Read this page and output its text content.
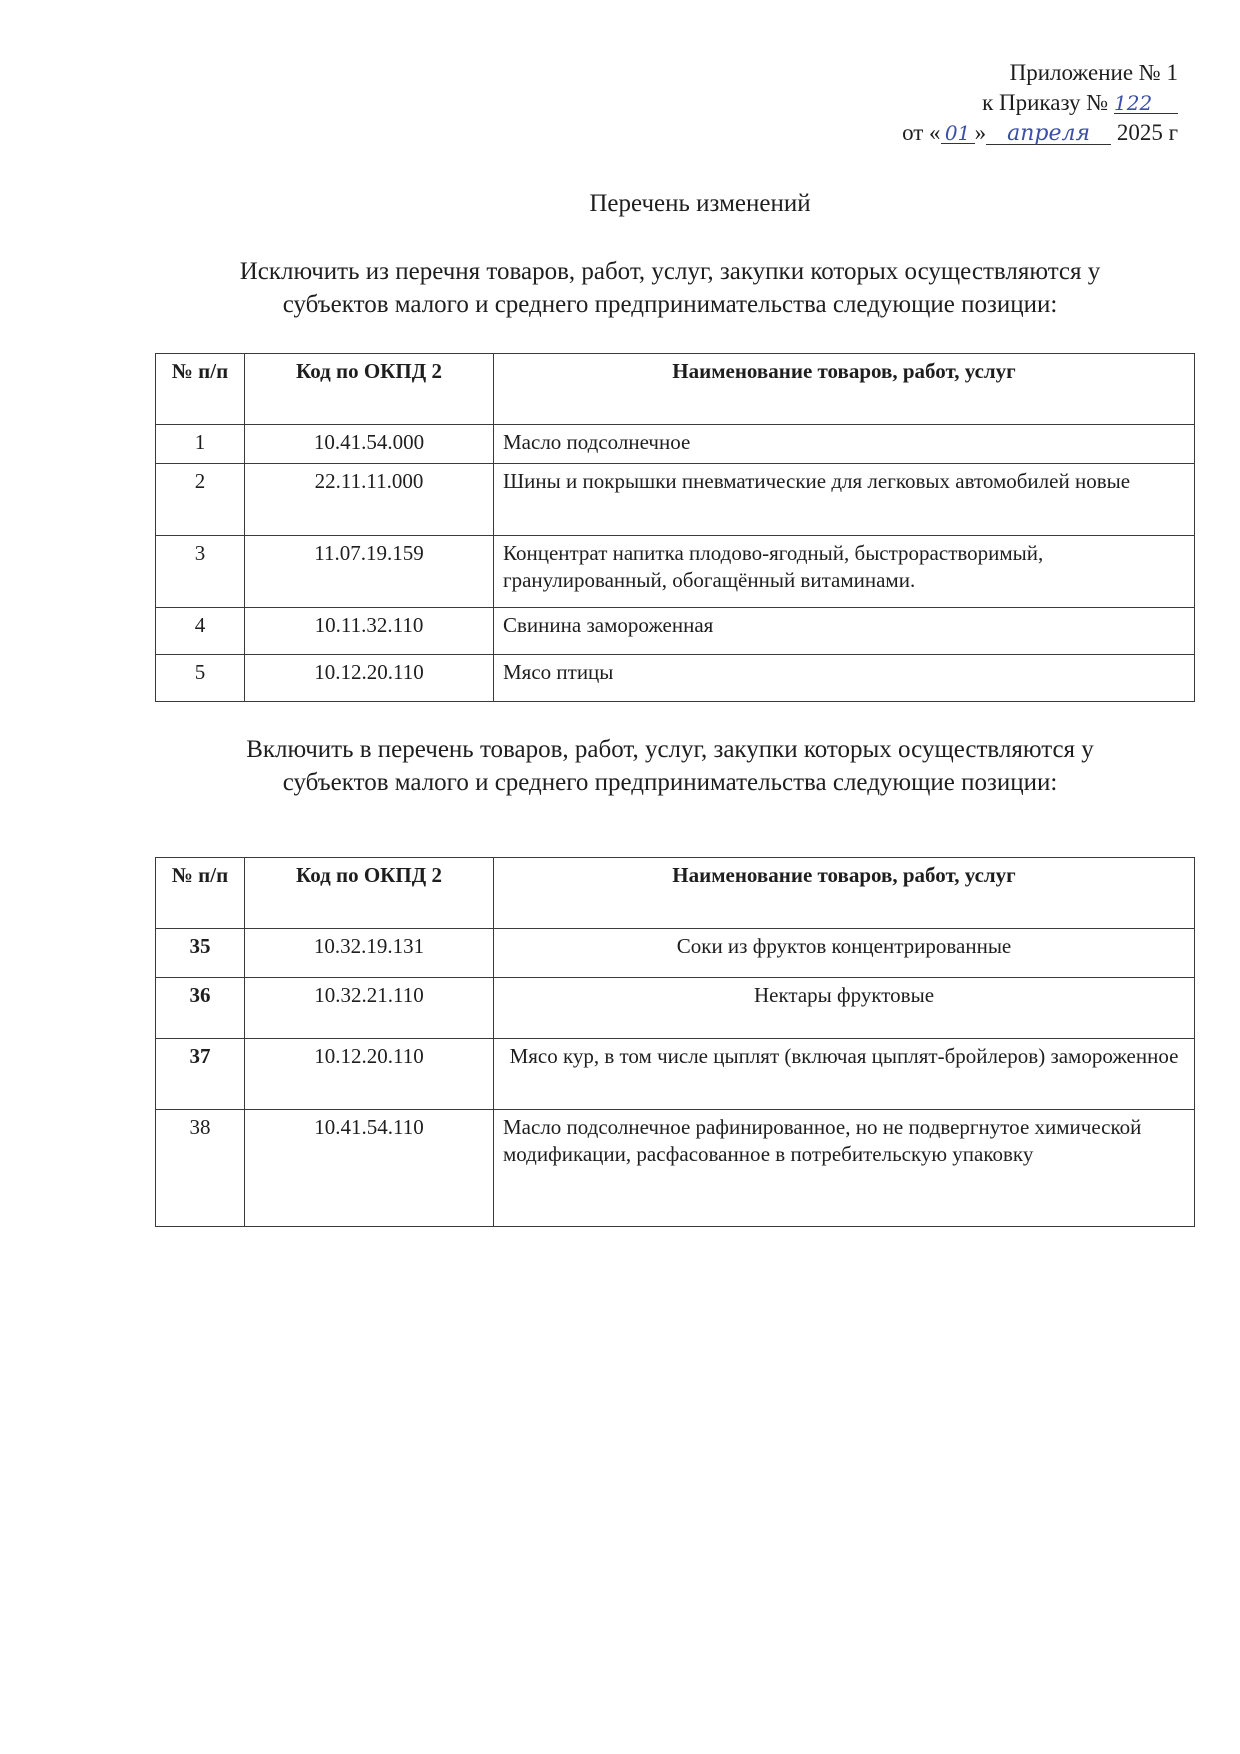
Приложение № 1
к Приказу № 122
от « 01 » апреля 2025 г
Перечень изменений
Исключить из перечня товаров, работ, услуг, закупки которых осуществляются у
субъектов малого и среднего предпринимательства следующие позиции:
№ п/п	Код по ОКПД 2	Наименование товаров, работ, услуг
1	10.41.54.000	Масло подсолнечное
2	22.11.11.000	Шины и покрышки пневматические для легковых автомобилей новые
3	11.07.19.159	Концентрат напитка плодово-ягодный, быстрорастворимый, гранулированный, обогащённый витаминами.
4	10.11.32.110	Свинина замороженная
5	10.12.20.110	Мясо птицы
Включить в перечень товаров, работ, услуг, закупки которых осуществляются у
субъектов малого и среднего предпринимательства следующие позиции:
№ п/п	Код по ОКПД 2	Наименование товаров, работ, услуг
35	10.32.19.131	Соки из фруктов концентрированные
36	10.32.21.110	Нектары фруктовые
37	10.12.20.110	Мясо кур, в том числе цыплят (включая цыплят-бройлеров) замороженное
38	10.41.54.110	Масло подсолнечное рафинированное, но не подвергнутое химической модификации, расфасованное в потребительскую упаковку
